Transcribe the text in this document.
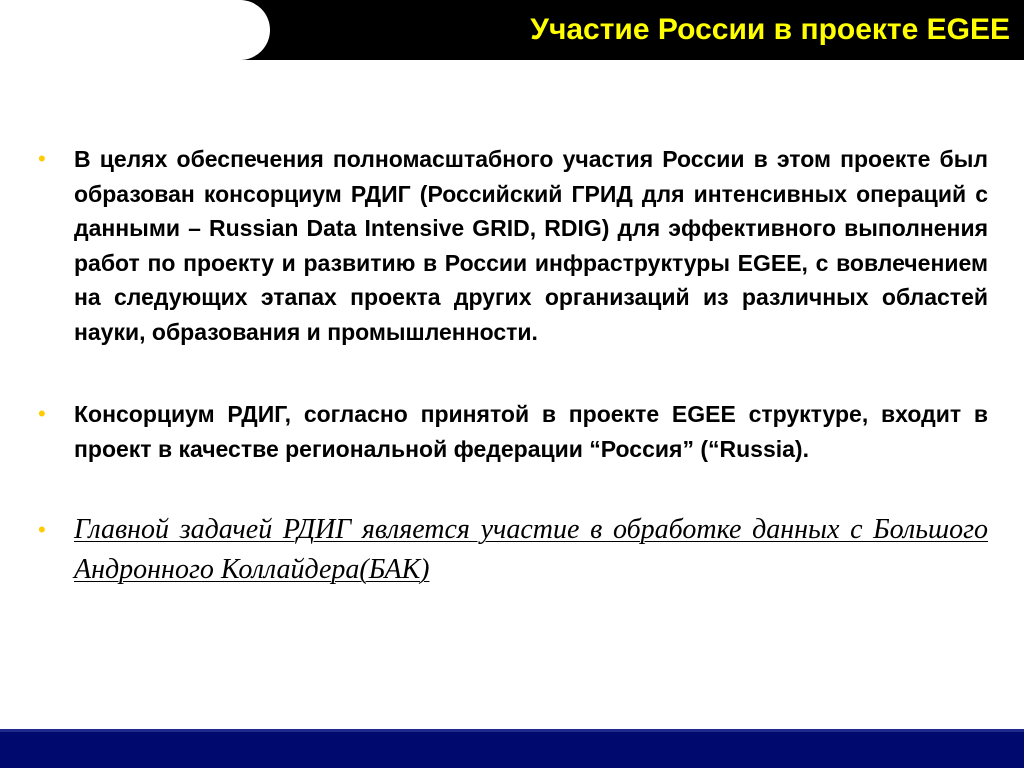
Участие России в проекте EGEE
• В целях обеспечения полномасштабного участия России в этом проекте был образован консорциум РДИГ (Российский ГРИД для интенсивных операций с данными – Russian Data Intensive GRID, RDIG) для эффективного выполнения работ по проекту и развитию в России инфраструктуры EGEE, с вовлечением на следующих этапах проекта других организаций из различных областей науки, образования и промышленности.
• Консорциум РДИГ, согласно принятой в проекте EGEE структуре, входит в проект в качестве региональной федерации “Россия” (“Russia).
• Главной задачей РДИГ является участие в обработке данных с Большого Андронного Коллайдера(БАК)
